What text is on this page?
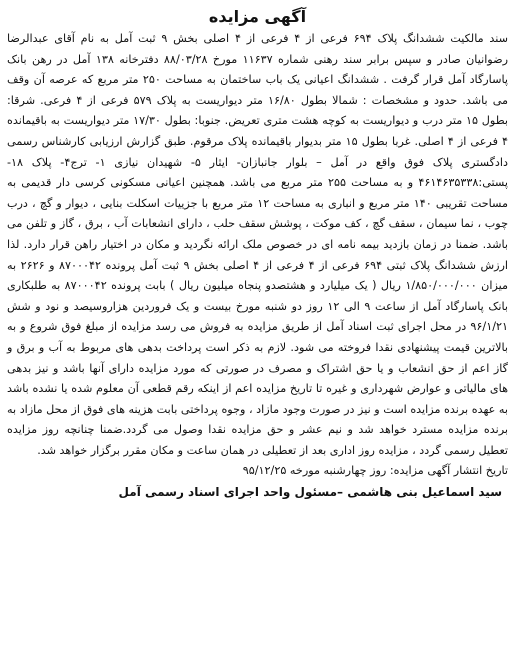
آگهی مزایده

سند مالکیت ششدانگ پلاک ۶۹۴ فرعی از ۴ فرعی از ۴ اصلی بخش ۹ ثبت آمل به نام آقای عبدالرضا رضوانیان صادر و سپس برابر سند رهنی شماره ۱۱۶۳۷ مورخ ۸۸/۰۳/۲۸ دفترخانه ۱۳۸ آمل در رهن بانک پاسارگاد آمل قرار گرفت . ششدانگ اعیانی یک باب ساختمان به مساحت ۲۵۰ متر مربع که عرصه آن وقف می باشد. حدود و مشخصات : شمالا بطول ۱۶/۸۰ متر دیواریست به پلاک ۵۷۹ فرعی از ۴ فرعی. شرقا: بطول ۱۵ متر درب و دیواریست به کوچه هشت متری تعریض. جنوبا: بطول ۱۷/۳۰ متر دیواریست به باقیمانده ۴ فرعی از ۴ اصلی. غربا بطول ۱۵ متر بدیوار باقیمانده پلاک مرقوم. طبق گزارش ارزیابی کارشناس رسمی دادگستری پلاک فوق واقع در آمل – بلوار جانبازان- ایثار ۵- شهیدان نیازی ۱- ترج۴- پلاک ۱۸- پستی:۴۶۱۴۶۳۵۳۳۸ و به مساحت ۲۵۵ متر مربع می باشد. همچنین اعیانی مسکونی کرسی دار قدیمی به مساحت تقریبی ۱۴۰ متر مربع و انباری به مساحت ۱۲ متر مربع با جزییات اسکلت بنایی ، دیوار و گچ ، درب چوب ، نما سیمان ، سقف گچ ، کف موکت ، پوشش سقف حلب ، دارای انشعابات آب ، برق ، گاز و تلفن می باشد. ضمنا در زمان بازدید بیمه نامه ای در خصوص ملک ارائه نگردید و مکان در اختیار راهن قرار دارد. لذا ارزش ششدانگ پلاک ثبتی ۶۹۴ فرعی از ۴ فرعی از ۴ اصلی بخش ۹ ثبت آمل پرونده ۸۷۰۰۰۴۲ و ۲۶۲۶ به میزان ۱/۸۵۰/۰۰۰/۰۰۰ ریال ( یک میلیارد و هشتصدو پنجاه میلیون ریال ) بابت پرونده ۸۷۰۰۰۴۲ به طلبکاری بانک پاسارگاد آمل از ساعت ۹ الی ۱۲ روز دو شنبه مورخ بیست و یک فروردین هزاروسیصد و نود و شش ۹۶/۱/۲۱ در محل اجرای ثبت اسناد آمل از طریق مزایده به فروش می رسد مزایده از مبلغ فوق شروع و به بالاترین قیمت پیشنهادی نقدا فروخته می شود. لازم به ذکر است پرداخت بدهی های مربوط به آب و برق و گاز اعم از حق انشعاب و یا حق اشتراک و مصرف در صورتی که مورد مزایده دارای آنها باشد و نیز بدهی های مالیاتی و عوارض شهرداری و غیره تا تاریخ مزایده اعم از اینکه رقم قطعی آن معلوم شده یا نشده باشد به عهده برنده مزایده است و نیز در صورت وجود مازاد ، وجوه پرداختی بابت هزینه های فوق از محل مازاد به برنده مزایده مسترد خواهد شد و نیم عشر و حق مزایده نقدا وصول می گردد.ضمنا چنانچه روز مزایده تعطیل رسمی گردد ، مزایده روز اداری بعد از تعطیلی در همان ساعت و مکان مقرر برگزار خواهد شد.

تاریخ انتشار آگهی مزایده: روز چهارشنبه مورخه ۹۵/۱۲/۲۵

سید اسماعیل بنی هاشمی –مسئول واحد اجرای اسناد رسمی آمل
